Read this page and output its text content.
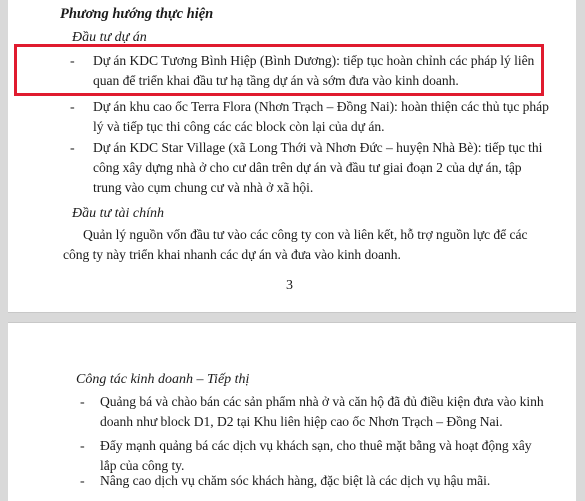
Phương hướng thực hiện
Đầu tư dự án
- Dự án KDC Tương Bình Hiệp (Bình Dương): tiếp tục hoàn chỉnh các pháp lý liên
quan để triển khai đầu tư hạ tầng dự án và sớm đưa vào kinh doanh.
- Dự án khu cao ốc Terra Flora (Nhơn Trạch – Đồng Nai): hoàn thiện các thủ tục pháp
lý và tiếp tục thi công các các block còn lại của dự án.
- Dự án KDC Star Village (xã Long Thới và Nhơn Đức – huyện Nhà Bè): tiếp tục thi
công xây dựng nhà ở cho cư dân trên dự án và đầu tư giai đoạn 2 của dự án, tập
trung vào cụm chung cư và nhà ở xã hội.
Đầu tư tài chính
Quản lý nguồn vốn đầu tư vào các công ty con và liên kết, hỗ trợ nguồn lực để các
công ty này triển khai nhanh các dự án và đưa vào kinh doanh.
3
Công tác kinh doanh – Tiếp thị
- Quảng bá và chào bán các sản phẩm nhà ở và căn hộ đã đủ điều kiện đưa vào kinh
doanh như block D1, D2 tại Khu liên hiệp cao ốc Nhơn Trạch – Đồng Nai.
- Đẩy mạnh quảng bá các dịch vụ khách sạn, cho thuê mặt bằng và hoạt động xây
lắp của công ty.
- Nâng cao dịch vụ chăm sóc khách hàng, đặc biệt là các dịch vụ hậu mãi.
